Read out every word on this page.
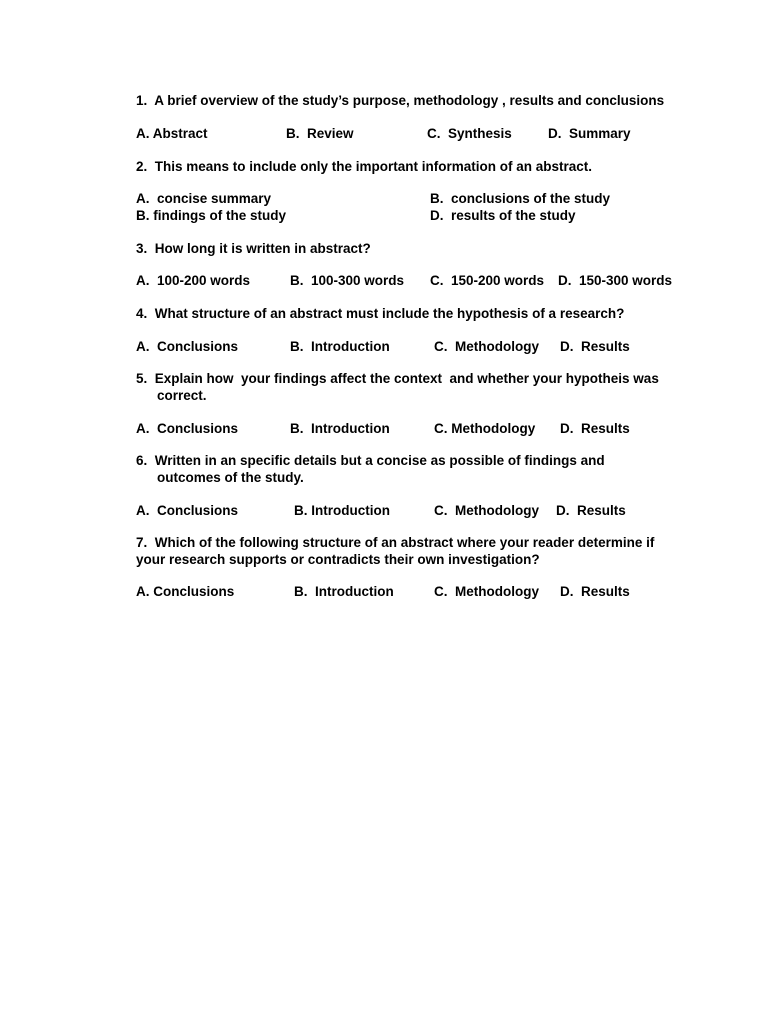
1.  A brief overview of the study’s purpose, methodology , results and conclusions
A. Abstract	B.  Review	C.  Synthesis	D.  Summary
2.  This means to include only the important information of an abstract.
A.  concise summary	B.  conclusions of the study
B. findings of the study	D.  results of the study
3.  How long it is written in abstract?
A.  100-200 words	B.  100-300 words C.  150-200 words D.  150-300 words
4.  What structure of an abstract must include the hypothesis of a research?
A.  Conclusions	B.  Introduction	C.  Methodology D.  Results
5.  Explain how  your findings affect the context  and whether your hypotheis was
correct.
A.  Conclusions	B.  Introduction	C. Methodology D.  Results
6.  Written in an specific details but a concise as possible of findings and
outcomes of the study.
A.  Conclusions	B. Introduction	C.  Methodology D.  Results
7.  Which of the following structure of an abstract where your reader determine if
your research supports or contradicts their own investigation?
A. Conclusions	B.  Introduction	C.  Methodology D.  Results
